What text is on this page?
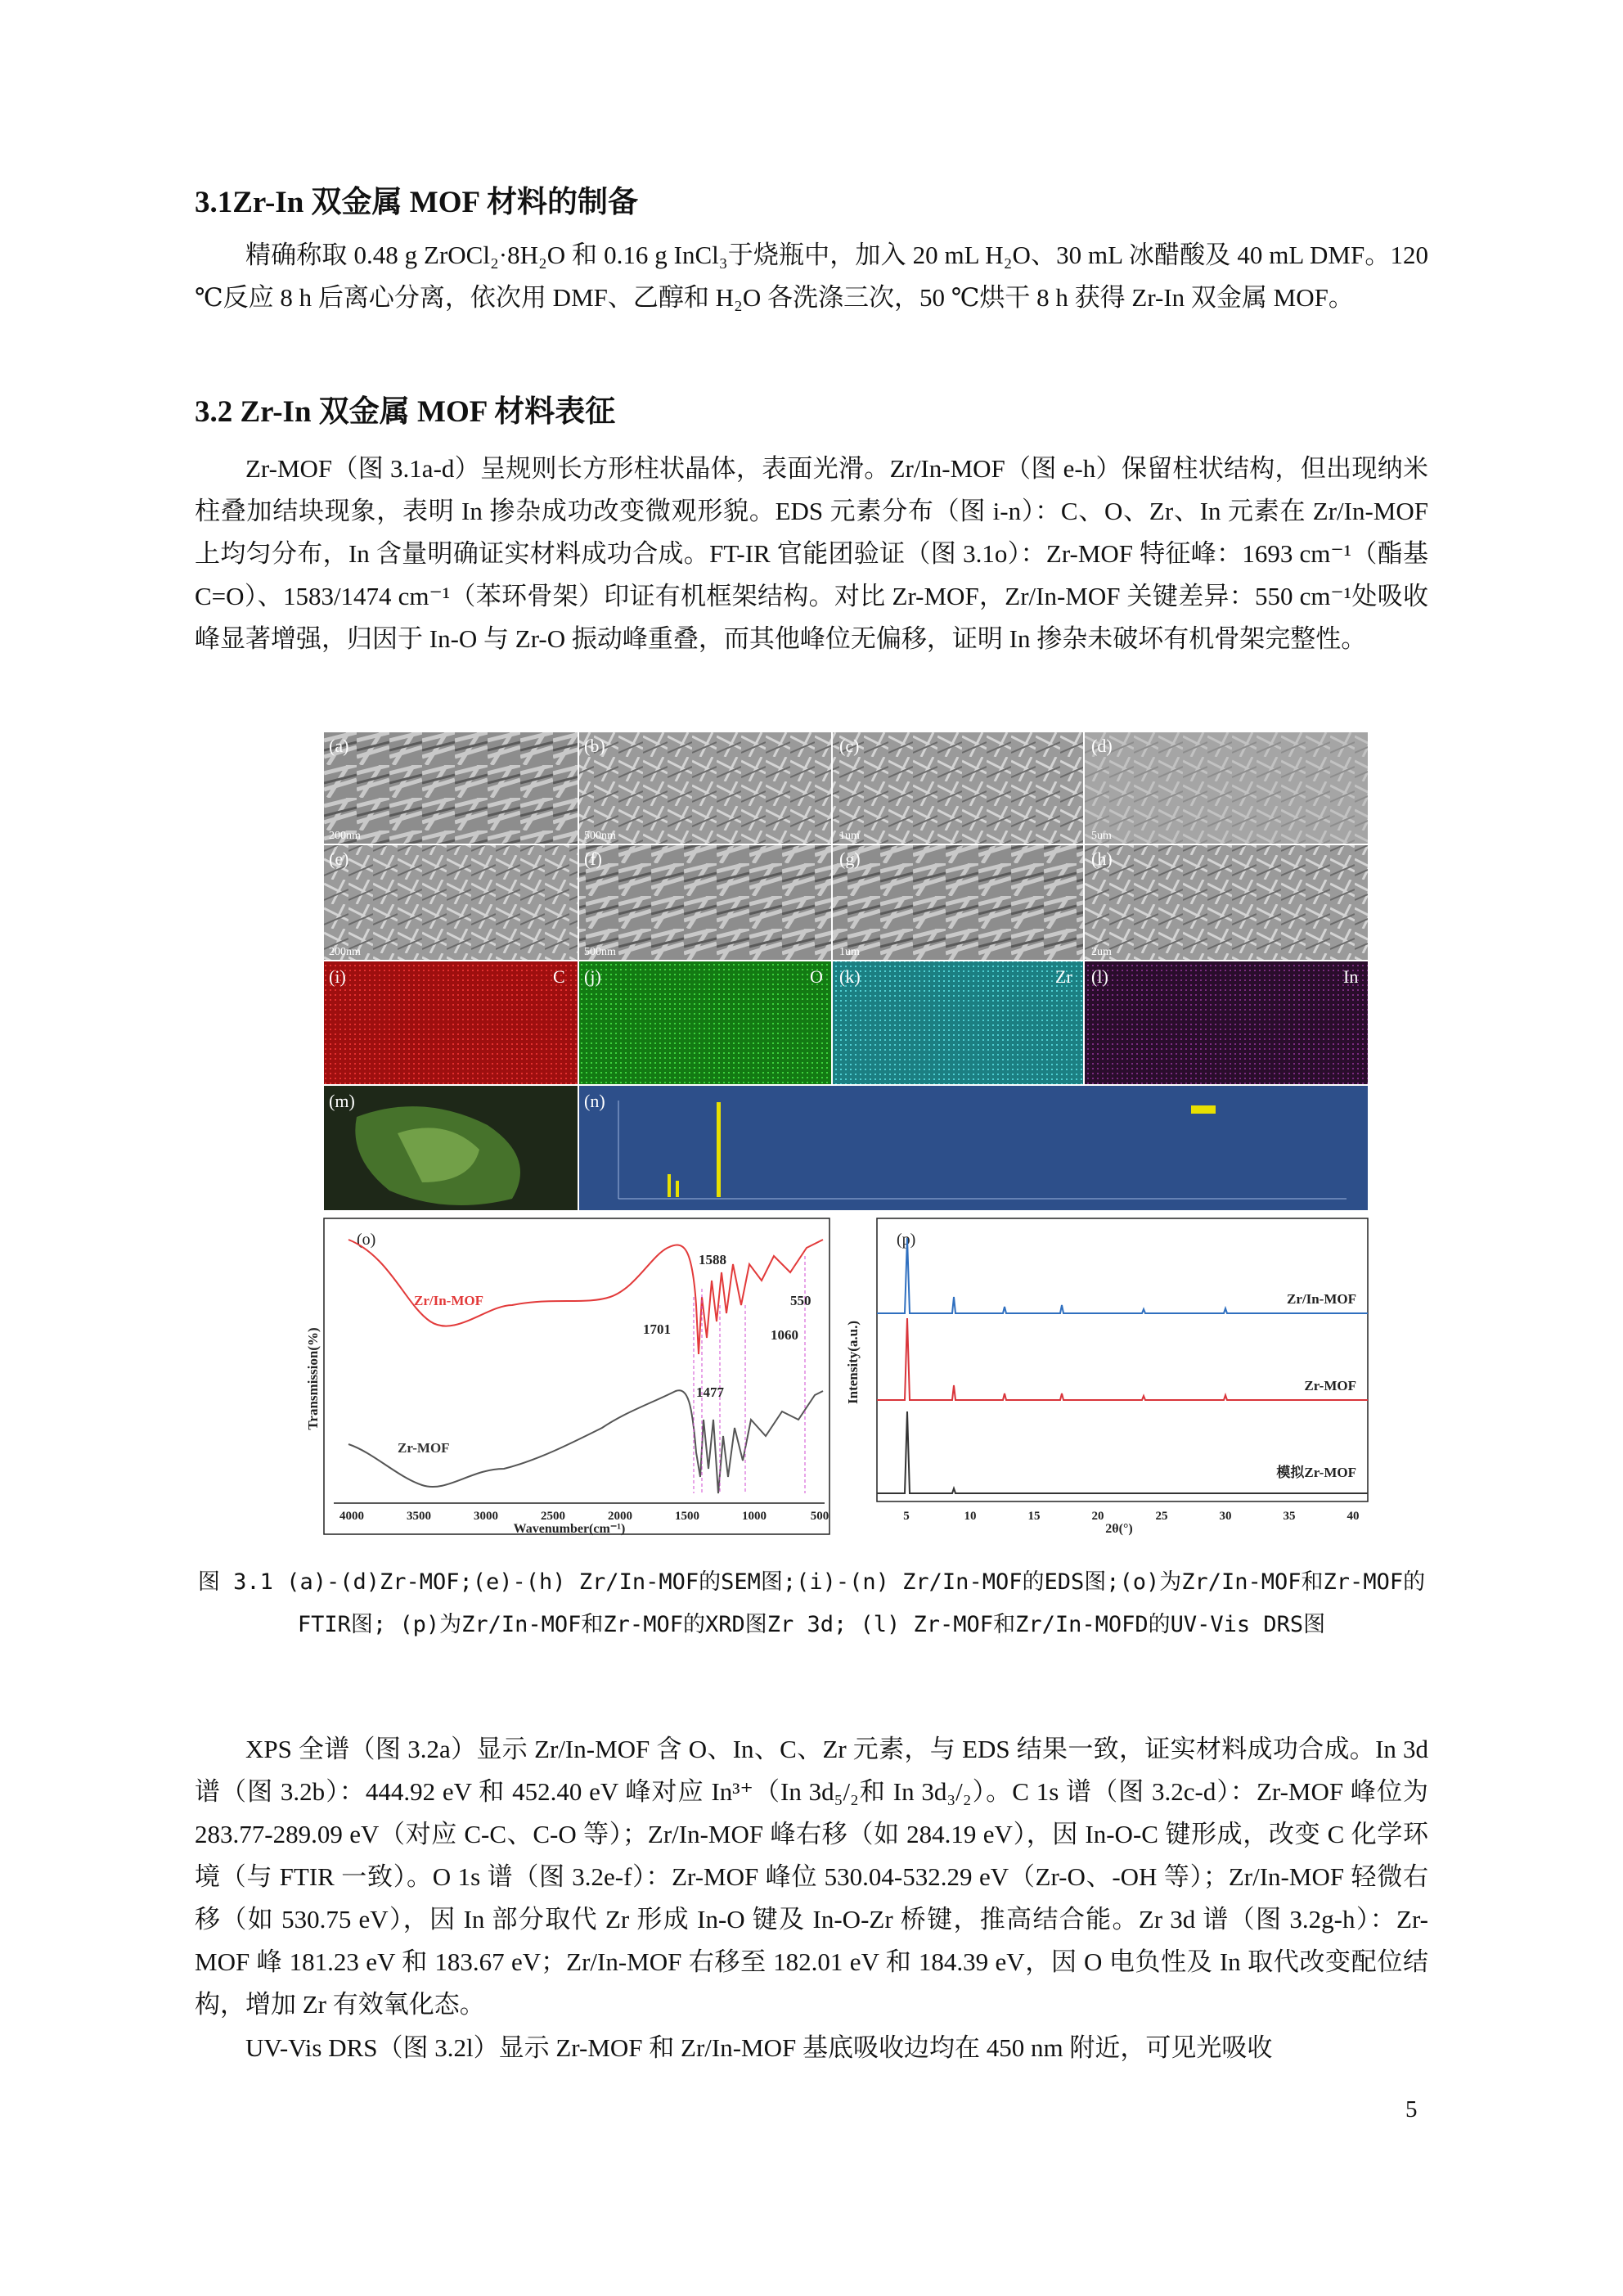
3.1Zr-In 双金属 MOF 材料的制备

精确称取 0.48 g ZrOCl₂·8H₂O 和 0.16 g InCl₃于烧瓶中，加入 20 mL H₂O、30 mL 冰醋酸及 40 mL DMF。120 ℃反应 8 h 后离心分离，依次用 DMF、乙醇和 H₂O 各洗涤三次，50 ℃烘干 8 h 获得 Zr-In 双金属 MOF。

3.2 Zr-In 双金属 MOF 材料表征

Zr-MOF（图 3.1a-d）呈规则长方形柱状晶体，表面光滑。Zr/In-MOF（图 e-h）保留柱状结构，但出现纳米柱叠加结块现象，表明 In 掺杂成功改变微观形貌。EDS 元素分布（图 i-n）：C、O、Zr、In 元素在 Zr/In-MOF 上均匀分布，In 含量明确证实材料成功合成。FT-IR 官能团验证（图 3.1o）：Zr-MOF 特征峰：1693 cm⁻¹（酯基 C=O）、1583/1474 cm⁻¹（苯环骨架）印证有机框架结构。对比 Zr-MOF，Zr/In-MOF 关键差异：550 cm⁻¹处吸收峰显著增强，归因于 In-O 与 Zr-O 振动峰重叠，而其他峰位无偏移，证明 In 掺杂未破坏有机骨架完整性。

(a)
200nm
(b)
500nm
(c)
1um
(d)
5um
(e)
200nm
(f)
500nm
(g)
1um
(h)
2um
(i)	C (j)	O (k)	Zr (l)	In
(m)	(n)
(o)
Transmission(%)
Zr/In-MOF
Zr-MOF
1588
550
1701	1060
1477
4000	3500	3000	2500	2000	1500	1000	500
Wavenumber(cm⁻¹)
(p)
Intensity(a.u.)
Zr/In-MOF
Zr-MOF
模拟Zr-MOF
5	10	15	20	25	30	35	40
2θ(°)

图 3.1 (a)-(d)Zr-MOF;(e)-(h) Zr/In-MOF的SEM图;(i)-(n) Zr/In-MOF的EDS图;(o)为Zr/In-MOF和Zr-MOF的FTIR图; (p)为Zr/In-MOF和Zr-MOF的XRD图Zr 3d; (l) Zr-MOF和Zr/In-MOFD的UV-Vis DRS图

XPS 全谱（图 3.2a）显示 Zr/In-MOF 含 O、In、C、Zr 元素，与 EDS 结果一致，证实材料成功合成。In 3d 谱（图 3.2b）：444.92 eV 和 452.40 eV 峰对应 In³⁺（In 3d₅/₂和 In 3d₃/₂）。C 1s 谱（图 3.2c-d）：Zr-MOF 峰位为 283.77-289.09 eV（对应 C-C、C-O 等）；Zr/In-MOF 峰右移（如 284.19 eV），因 In-O-C 键形成，改变 C 化学环境（与 FTIR 一致）。O 1s 谱（图 3.2e-f）：Zr-MOF 峰位 530.04-532.29 eV（Zr-O、-OH 等）；Zr/In-MOF 轻微右移（如 530.75 eV），因 In 部分取代 Zr 形成 In-O 键及 In-O-Zr 桥键，推高结合能。Zr 3d 谱（图 3.2g-h）：Zr-MOF 峰 181.23 eV 和 183.67 eV；Zr/In-MOF 右移至 182.01 eV 和 184.39 eV，因 O 电负性及 In 取代改变配位结构，增加 Zr 有效氧化态。

UV-Vis DRS（图 3.2l）显示 Zr-MOF 和 Zr/In-MOF 基底吸收边均在 450 nm 附近，可见光吸收

5
